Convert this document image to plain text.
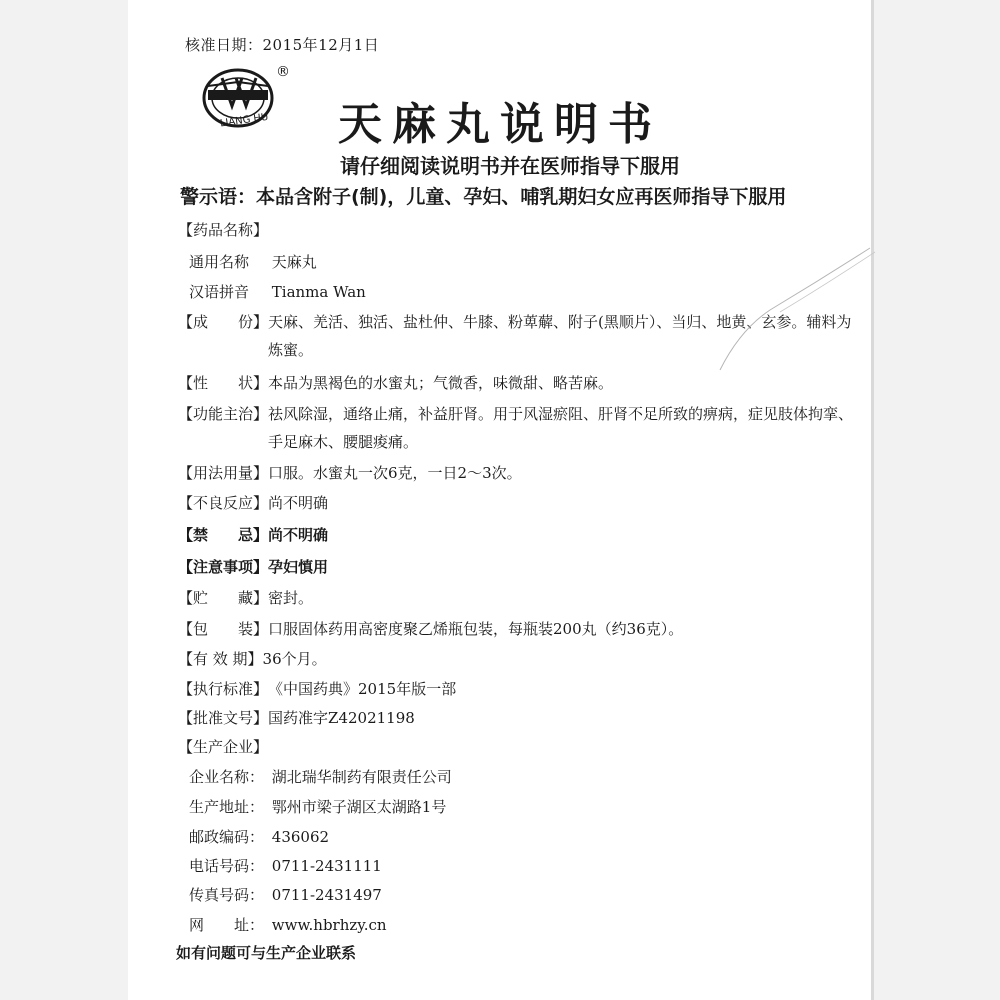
核准日期：2015年12月1日
LIANG HU
®
天麻丸说明书
请仔细阅读说明书并在医师指导下服用
警示语：本品含附子(制)，儿童、孕妇、哺乳期妇女应再医师指导下服用
【药品名称】
通用名称 天麻丸
汉语拼音 Tianma Wan
【成　　份】天麻、羌活、独活、盐杜仲、牛膝、粉萆薢、附子(黑顺片）、当归、地黄、玄参。辅料为炼蜜。
【性　　状】本品为黑褐色的水蜜丸；气微香，味微甜、略苦麻。
【功能主治】祛风除湿，通络止痛，补益肝肾。用于风湿瘀阻、肝肾不足所致的痹病，症见肢体拘挛、手足麻木、腰腿痠痛。
【用法用量】口服。水蜜丸一次6克，一日2～3次。
【不良反应】尚不明确
【禁　　忌】尚不明确
【注意事项】孕妇慎用
【贮　　藏】密封。
【包　　装】口服固体药用高密度聚乙烯瓶包装，每瓶装200丸（约36克）。
【有 效 期】36个月。
【执行标准】《中国药典》2015年版一部
【批准文号】国药准字Z42021198
【生产企业】
企业名称： 湖北瑞华制药有限责任公司
生产地址： 鄂州市梁子湖区太湖路1号
邮政编码： 436062
电话号码： 0711-2431111
传真号码： 0711-2431497
网　　址： www.hbrhzy.cn
如有问题可与生产企业联系
